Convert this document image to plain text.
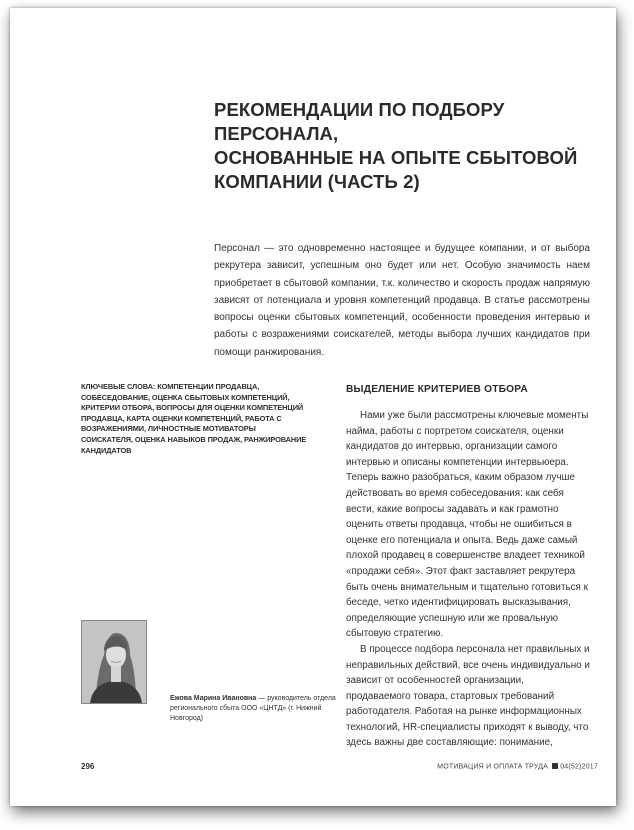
РЕКОМЕНДАЦИИ ПО ПОДБОРУ ПЕРСОНАЛА,
ОСНОВАННЫЕ НА ОПЫТЕ СБЫТОВОЙ
КОМПАНИИ (ЧАСТЬ 2)

Персонал — это одновременно настоящее и будущее компании, и от выбора рекрутера зависит, успешным оно будет или нет. Особую значимость наем приобретает в сбытовой компании, т.к. количество и скорость продаж напрямую зависят от потенциала и уровня компетенций продавца. В статье рассмотрены вопросы оценки сбытовых компетенций, особенности проведения интервью и работы с возражениями соискателей, методы выбора лучших кандидатов при помощи ранжирования.

КЛЮЧЕВЫЕ СЛОВА: КОМПЕТЕНЦИИ ПРОДАВЦА, СОБЕСЕДОВАНИЕ, ОЦЕНКА СБЫТОВЫХ КОМПЕТЕНЦИЙ, КРИТЕРИИ ОТБОРА, ВОПРОСЫ ДЛЯ ОЦЕНКИ КОМПЕТЕНЦИЙ ПРОДАВЦА, КАРТА ОЦЕНКИ КОМПЕТЕНЦИЙ, РАБОТА С ВОЗРАЖЕНИЯМИ, ЛИЧНОСТНЫЕ МОТИВАТОРЫ СОИСКАТЕЛЯ, ОЦЕНКА НАВЫКОВ ПРОДАЖ, РАНЖИРОВАНИЕ КАНДИДАТОВ

Ежова Марина Ивановна — руководитель отдела регионального сбыта ООО «ЦНТД» (г. Нижний Новгород)

ВЫДЕЛЕНИЕ КРИТЕРИЕВ ОТБОРА

Нами уже были рассмотрены ключевые моменты найма, работы с портретом соискателя, оценки кандидатов до интервью, организации самого интервью и описаны компетенции интервьюера. Теперь важно разобраться, каким образом лучше действовать во время собеседования: как себя вести, какие вопросы задавать и как грамотно оценить ответы продавца, чтобы не ошибиться в оценке его потенциала и опыта. Ведь даже самый плохой продавец в совершенстве владеет техникой «продажи себя». Этот факт заставляет рекрутера быть очень внимательным и тщательно готовиться к беседе, четко идентифицировать высказывания, определяющие успешную или же провальную сбытовую стратегию.

В процессе подбора персонала нет правильных и неправильных действий, все очень индивидуально и зависит от особенностей организации, продаваемого товара, стартовых требований работодателя. Работая на рынке информационных технологий, HR-специалисты приходят к выводу, что здесь важны две составляющие: понимание,

296	МОТИВАЦИЯ И ОПЛАТА ТРУДА 04(52)2017
